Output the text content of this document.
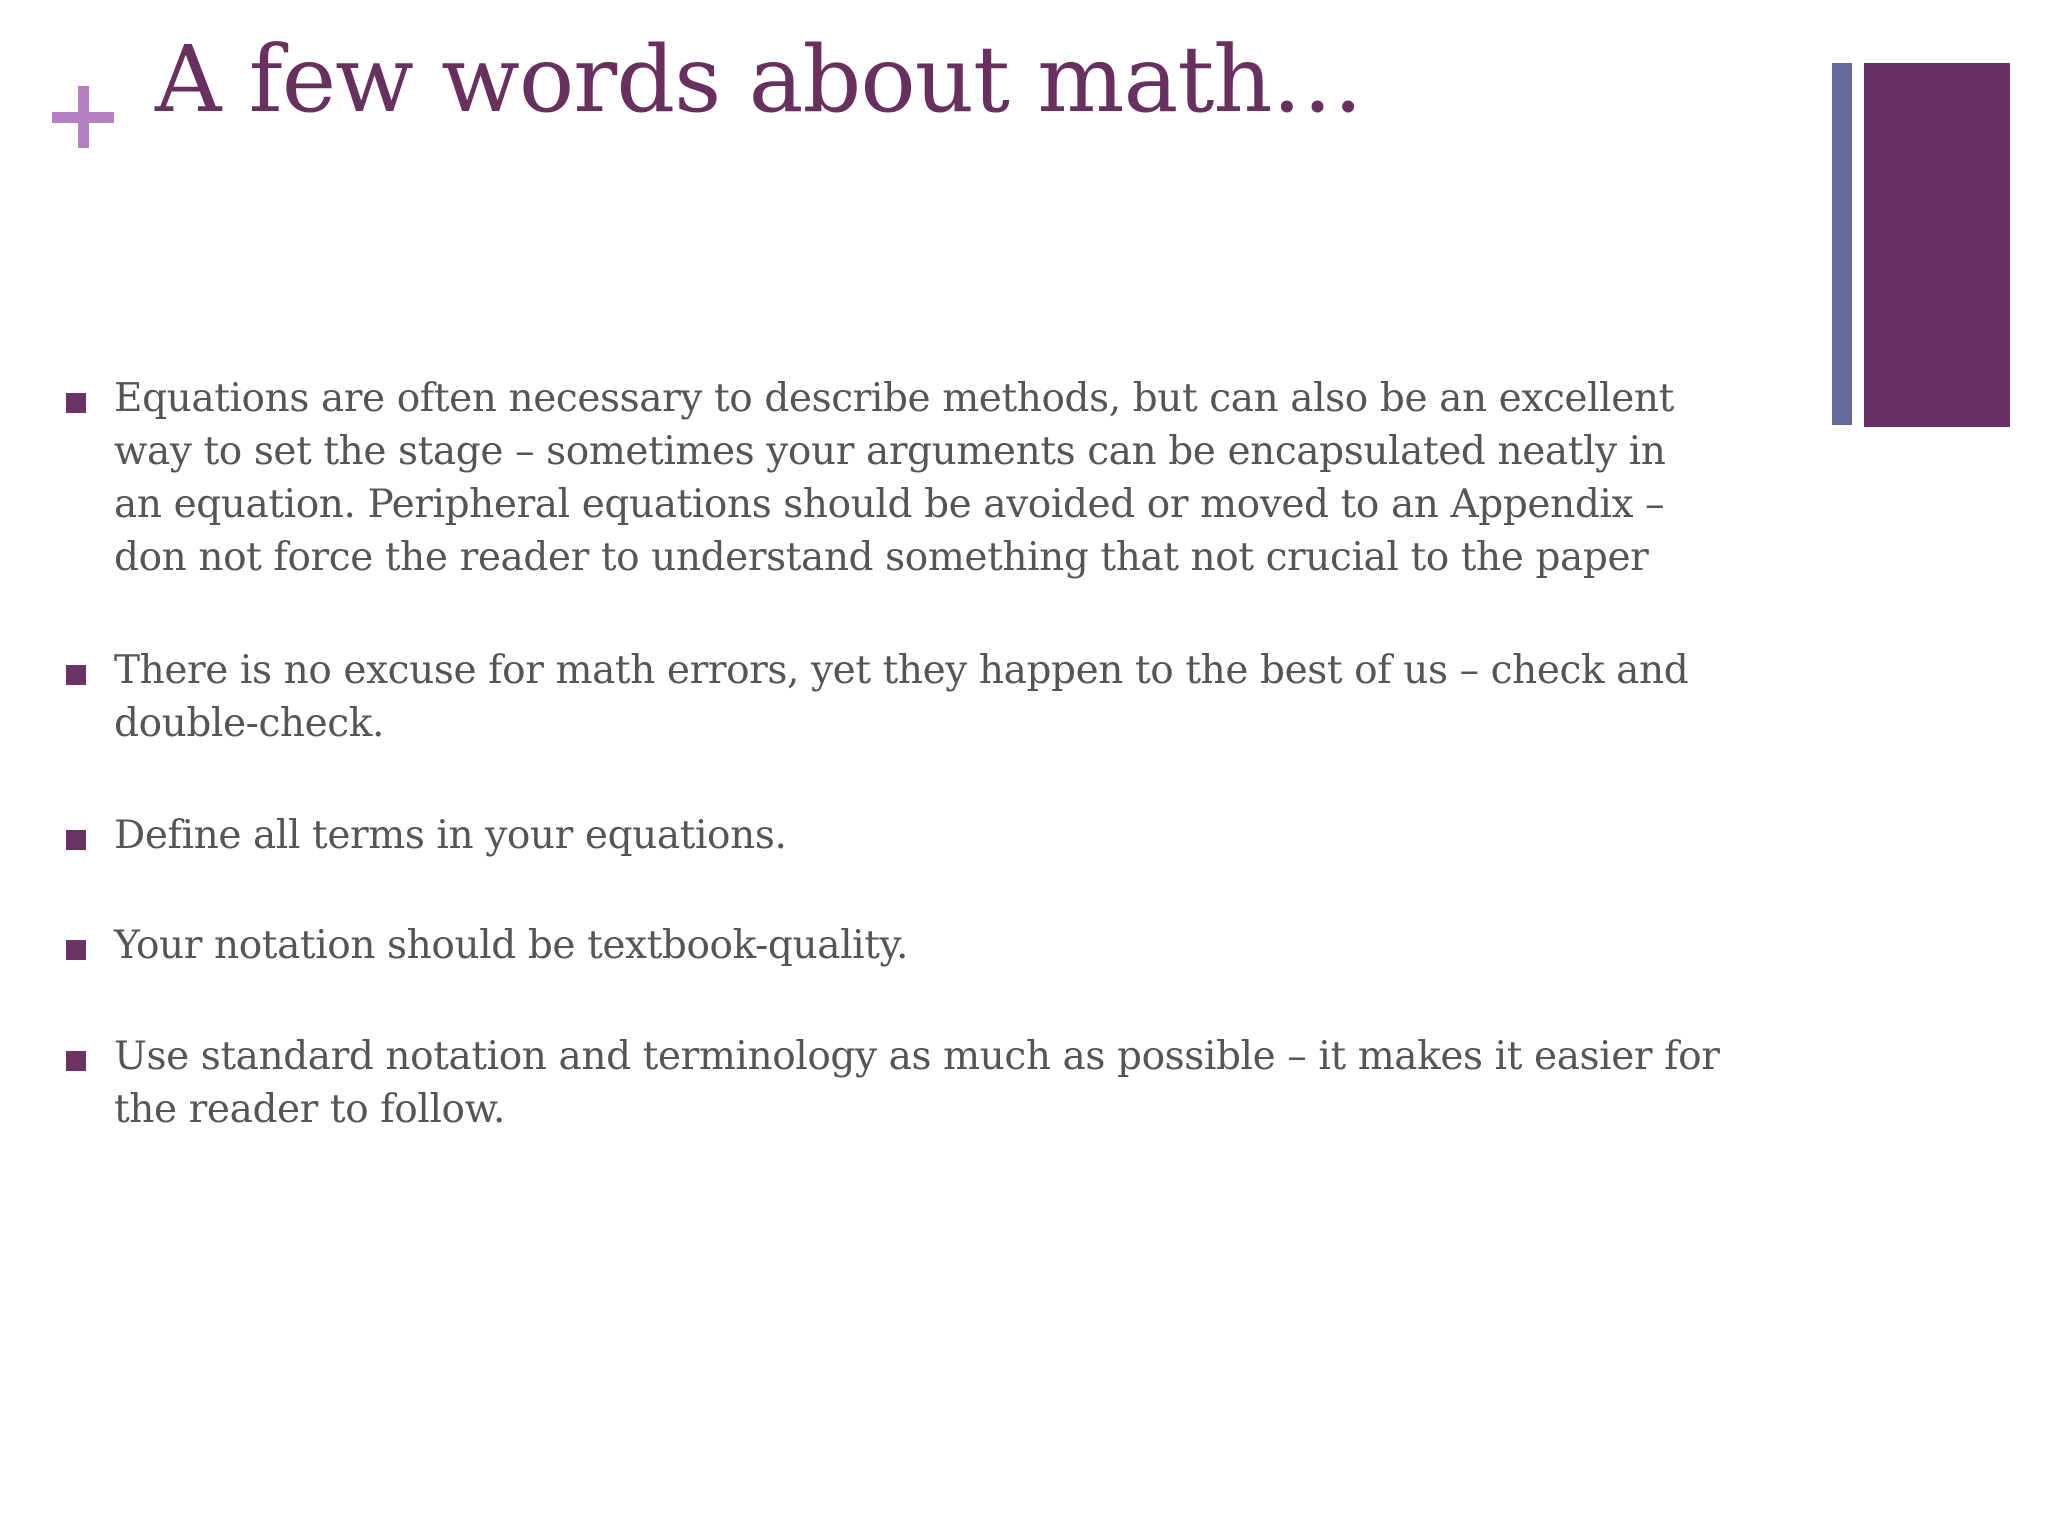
A few words about math…
Equations are often necessary to describe methods, but can also be an excellent
way to set the stage – sometimes your arguments can be encapsulated neatly in
an equation. Peripheral equations should be avoided or moved to an Appendix –
don not force the reader to understand something that not crucial to the paper
There is no excuse for math errors, yet they happen to the best of us – check and
double-check.
Define all terms in your equations.
Your notation should be textbook-quality.
Use standard notation and terminology as much as possible – it makes it easier for
the reader to follow.
